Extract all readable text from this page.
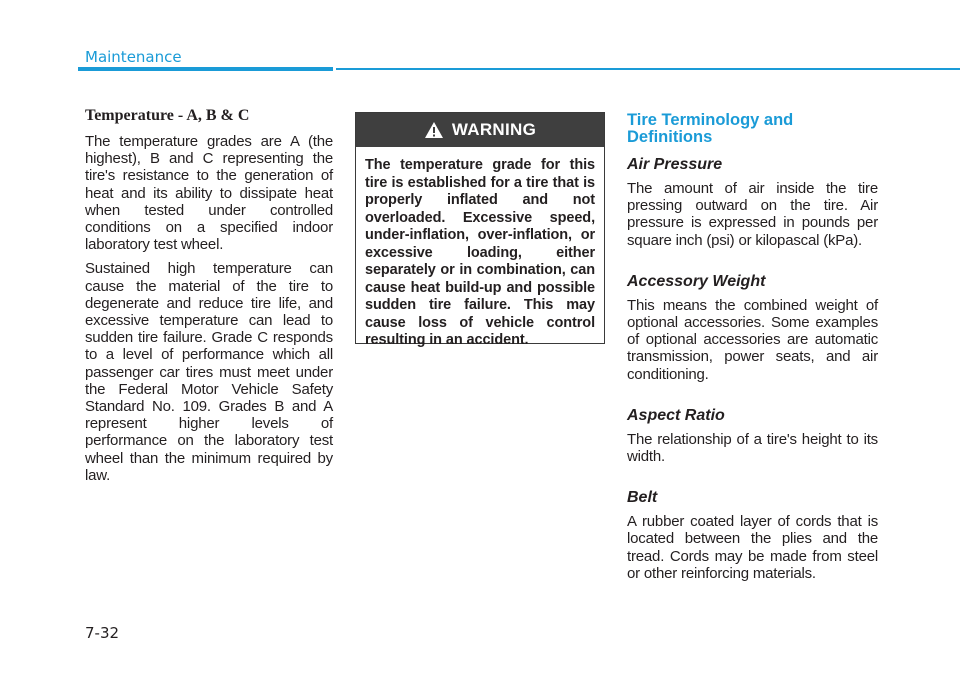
Maintenance
Temperature - A, B & C

The temperature grades are A (the highest), B and C representing the tire's resistance to the generation of heat and its ability to dissipate heat when tested under controlled conditions on a specified indoor laboratory test wheel.

Sustained high temperature can cause the material of the tire to degenerate and reduce tire life, and excessive temperature can lead to sudden tire failure. Grade C responds to a level of performance which all passenger car tires must meet under the Federal Motor Vehicle Safety Standard No. 109. Grades B and A represent higher levels of performance on the laboratory test wheel than the minimum required by law.

WARNING
The temperature grade for this tire is established for a tire that is properly inflated and not overloaded. Excessive speed, under-inflation, over-inflation, or excessive loading, either separately or in combination, can cause heat build-up and possible sudden tire failure. This may cause loss of vehicle control resulting in an accident.
Tire Terminology and Definitions
Air Pressure

The amount of air inside the tire pressing outward on the tire. Air pressure is expressed in pounds per square inch (psi) or kilopascal (kPa).

Accessory Weight

This means the combined weight of optional accessories. Some examples of optional accessories are automatic transmission, power seats, and air conditioning.

Aspect Ratio

The relationship of a tire's height to its width.

Belt

A rubber coated layer of cords that is located between the plies and the tread. Cords may be made from steel or other reinforcing materials.

7-32
